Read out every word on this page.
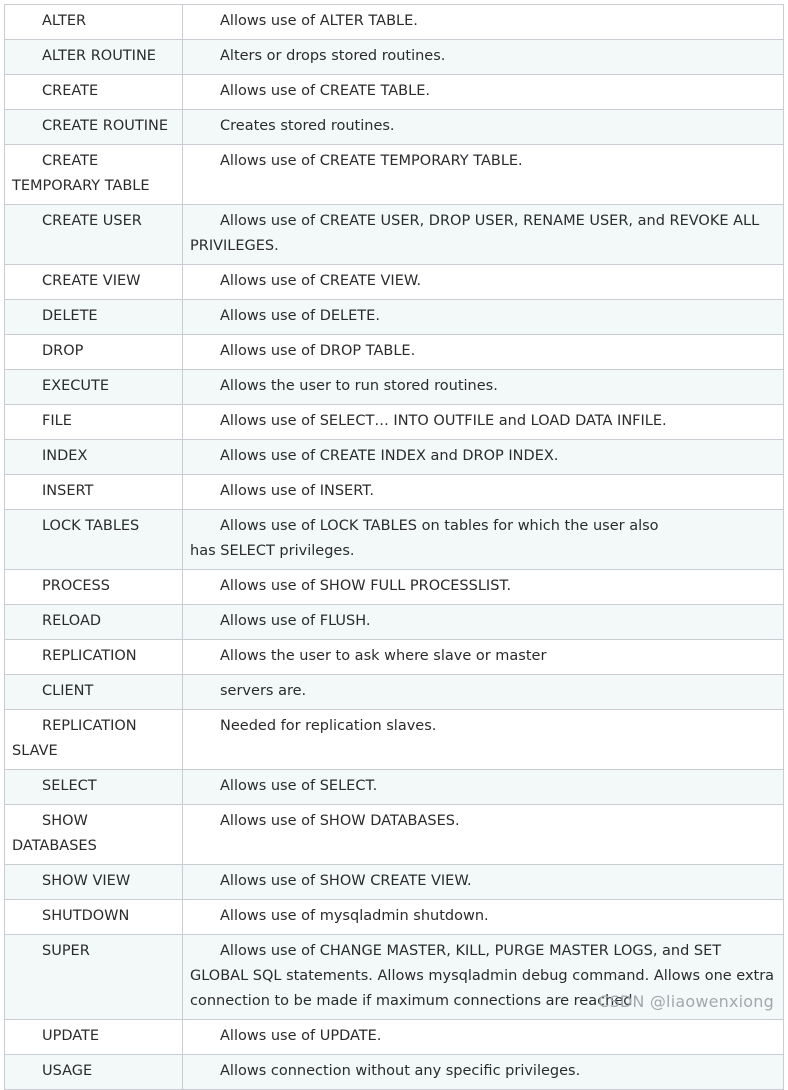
ALTER	Allows use of ALTER TABLE.
ALTER ROUTINE	Alters or drops stored routines.
CREATE	Allows use of CREATE TABLE.
CREATE ROUTINE	Creates stored routines.
CREATE TEMPORARY TABLE	Allows use of CREATE TEMPORARY TABLE.
CREATE USER	Allows use of CREATE USER, DROP USER, RENAME USER, and REVOKE ALL PRIVILEGES.
CREATE VIEW	Allows use of CREATE VIEW.
DELETE	Allows use of DELETE.
DROP	Allows use of DROP TABLE.
EXECUTE	Allows the user to run stored routines.
FILE	Allows use of SELECT… INTO OUTFILE and LOAD DATA INFILE.
INDEX	Allows use of CREATE INDEX and DROP INDEX.
INSERT	Allows use of INSERT.
LOCK TABLES	Allows use of LOCK TABLES on tables for which the user also
has SELECT privileges.
PROCESS	Allows use of SHOW FULL PROCESSLIST.
RELOAD	Allows use of FLUSH.
REPLICATION	Allows the user to ask where slave or master
CLIENT	servers are.
REPLICATION SLAVE	Needed for replication slaves.
SELECT	Allows use of SELECT.
SHOW DATABASES	Allows use of SHOW DATABASES.
SHOW VIEW	Allows use of SHOW CREATE VIEW.
SHUTDOWN	Allows use of mysqladmin shutdown.
SUPER	Allows use of CHANGE MASTER, KILL, PURGE MASTER LOGS, and SET GLOBAL SQL statements. Allows mysqladmin debug command. Allows one extra connection to be made if maximum connections are reached.
UPDATE	Allows use of UPDATE.
USAGE	Allows connection without any specific privileges.
CSDN @liaowenxiong
